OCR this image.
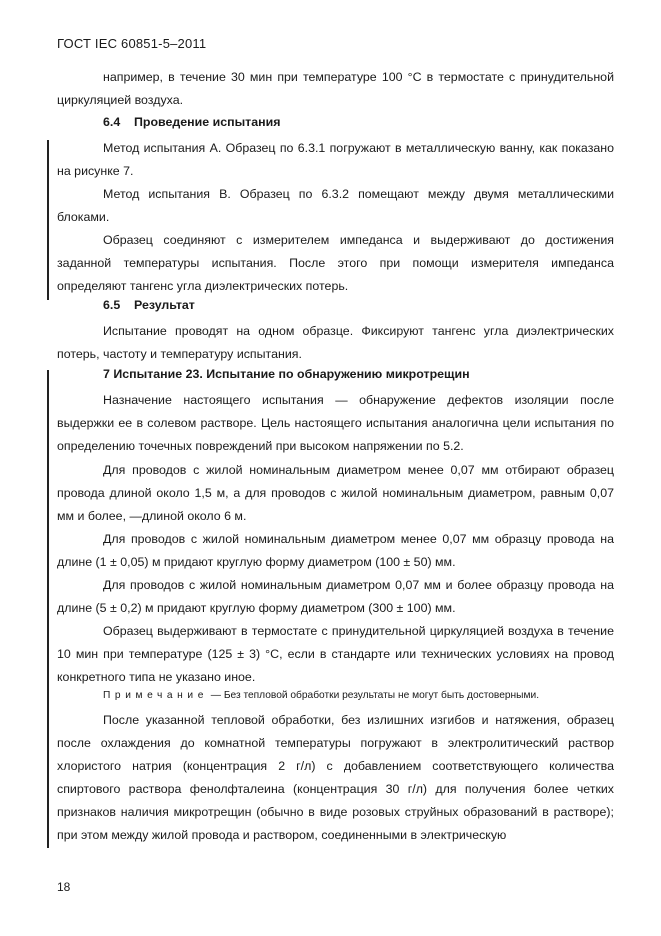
ГОСТ IEC 60851-5–2011

например, в течение 30 мин при температуре 100 °С в термостате с принудительной циркуляцией воздуха.

6.4    Проведение испытания

Метод испытания А. Образец по 6.3.1 погружают в металлическую ванну, как показано на рисунке 7.

Метод испытания В. Образец по 6.3.2 помещают между двумя металлическими блоками.

Образец соединяют с измерителем импеданса и выдерживают до достижения заданной температуры испытания. После этого при помощи измерителя импеданса определяют тангенс угла диэлектрических потерь.

6.5    Результат

Испытание проводят на одном образце. Фиксируют тангенс угла диэлектрических потерь, частоту и температуру испытания.

7 Испытание 23. Испытание по обнаружению микротрещин

Назначение настоящего испытания — обнаружение дефектов изоляции после выдержки ее в солевом растворе. Цель настоящего испытания аналогична цели испытания по определению точечных повреждений при высоком напряжении по 5.2.

Для проводов с жилой номинальным диаметром менее 0,07 мм отбирают образец провода длиной около 1,5 м, а для проводов с жилой номинальным диаметром, равным 0,07 мм и более, —длиной около 6 м.

Для проводов с жилой номинальным диаметром менее 0,07 мм образцу провода на длине (1 ± 0,05) м придают круглую форму диаметром (100 ± 50) мм.

Для проводов с жилой номинальным диаметром 0,07 мм и более образцу провода на длине (5 ± 0,2) м придают круглую форму диаметром (300 ± 100) мм.

Образец выдерживают в термостате с принудительной циркуляцией воздуха в течение 10 мин при температуре (125 ± 3) °С, если в стандарте или технических условиях на провод конкретного типа не указано иное.

Примечание — Без тепловой обработки результаты не могут быть достоверными.

После указанной тепловой обработки, без излишних изгибов и натяжения, образец после охлаждения до комнатной температуры погружают в электролитический раствор хлористого натрия (концентрация 2 г/л) с добавлением соответствующего количества спиртового раствора фенолфталеина (концентрация 30 г/л) для получения более четких признаков наличия микротрещин (обычно в виде розовых струйных образований в растворе); при этом между жилой провода и раствором, соединенными в электрическую

18
